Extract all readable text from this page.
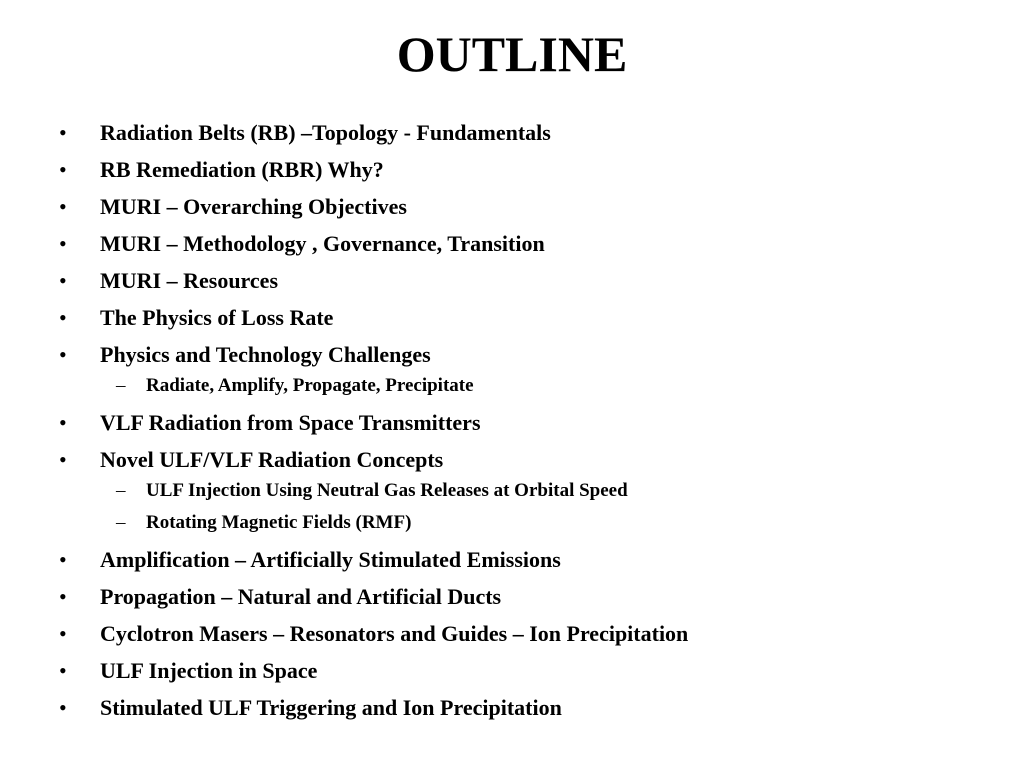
OUTLINE
• Radiation Belts (RB) –Topology - Fundamentals
• RB Remediation (RBR) Why?
• MURI – Overarching Objectives
• MURI – Methodology , Governance, Transition
• MURI – Resources
• The Physics of Loss Rate
• Physics and Technology Challenges
– Radiate, Amplify, Propagate, Precipitate
• VLF Radiation from Space Transmitters
• Novel ULF/VLF Radiation Concepts
– ULF Injection Using Neutral Gas Releases at Orbital Speed
– Rotating Magnetic Fields (RMF)
• Amplification – Artificially Stimulated Emissions
• Propagation – Natural and Artificial Ducts
• Cyclotron Masers – Resonators and Guides – Ion Precipitation
• ULF Injection in Space
• Stimulated ULF Triggering and Ion Precipitation
